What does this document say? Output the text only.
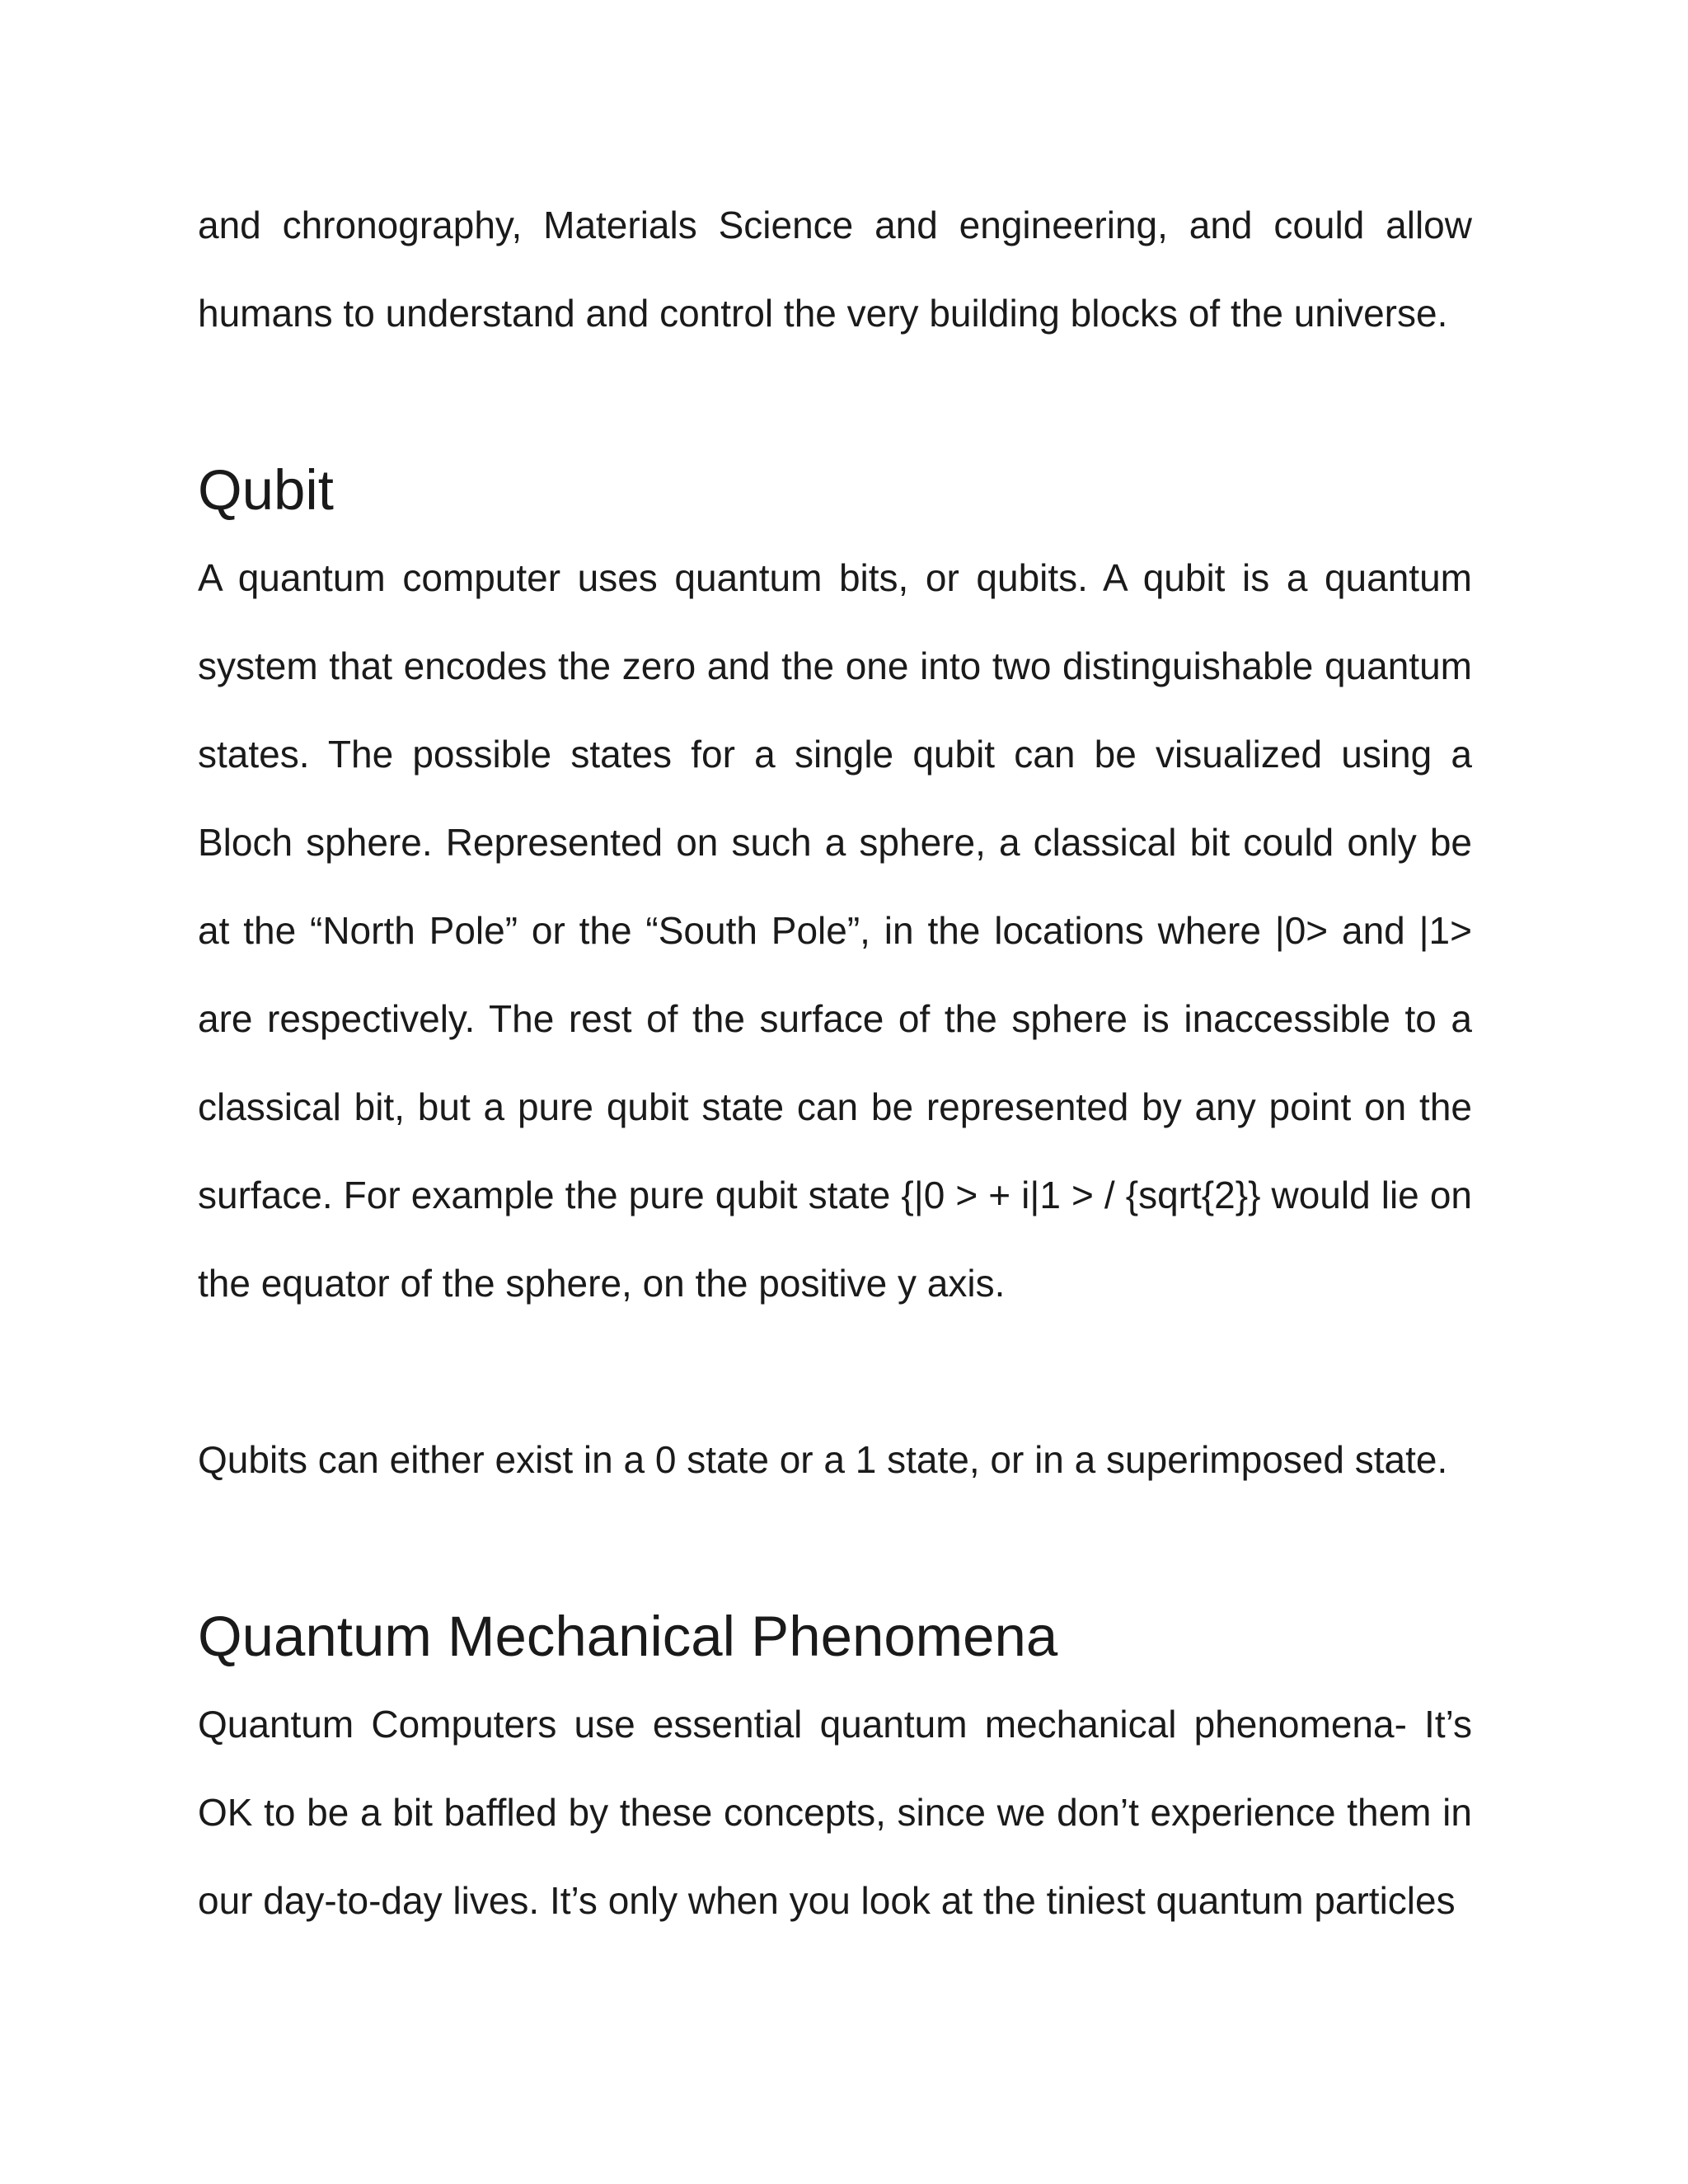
and chronography, Materials Science and engineering, and could allow humans to understand and control the very building blocks of the universe.

Qubit

A quantum computer uses quantum bits, or qubits. A qubit is a quantum system that encodes the zero and the one into two distinguishable quantum states. The possible states for a single qubit can be visualized using a Bloch sphere. Represented on such a sphere, a classical bit could only be at the “North Pole” or the “South Pole”, in the locations where |0> and |1> are respectively. The rest of the surface of the sphere is inaccessible to a classical bit, but a pure qubit state can be represented by any point on the surface. For example the pure qubit state {|0 > + i|1 > / {sqrt{2}} would lie on the equator of the sphere, on the positive y axis.

Qubits can either exist in a 0 state or a 1 state, or in a superimposed state.

Quantum Mechanical Phenomena

Quantum Computers use essential quantum mechanical phenomena- It’s OK to be a bit baffled by these concepts, since we don’t experience them in our day-to-day lives. It’s only when you look at the tiniest quantum particles
